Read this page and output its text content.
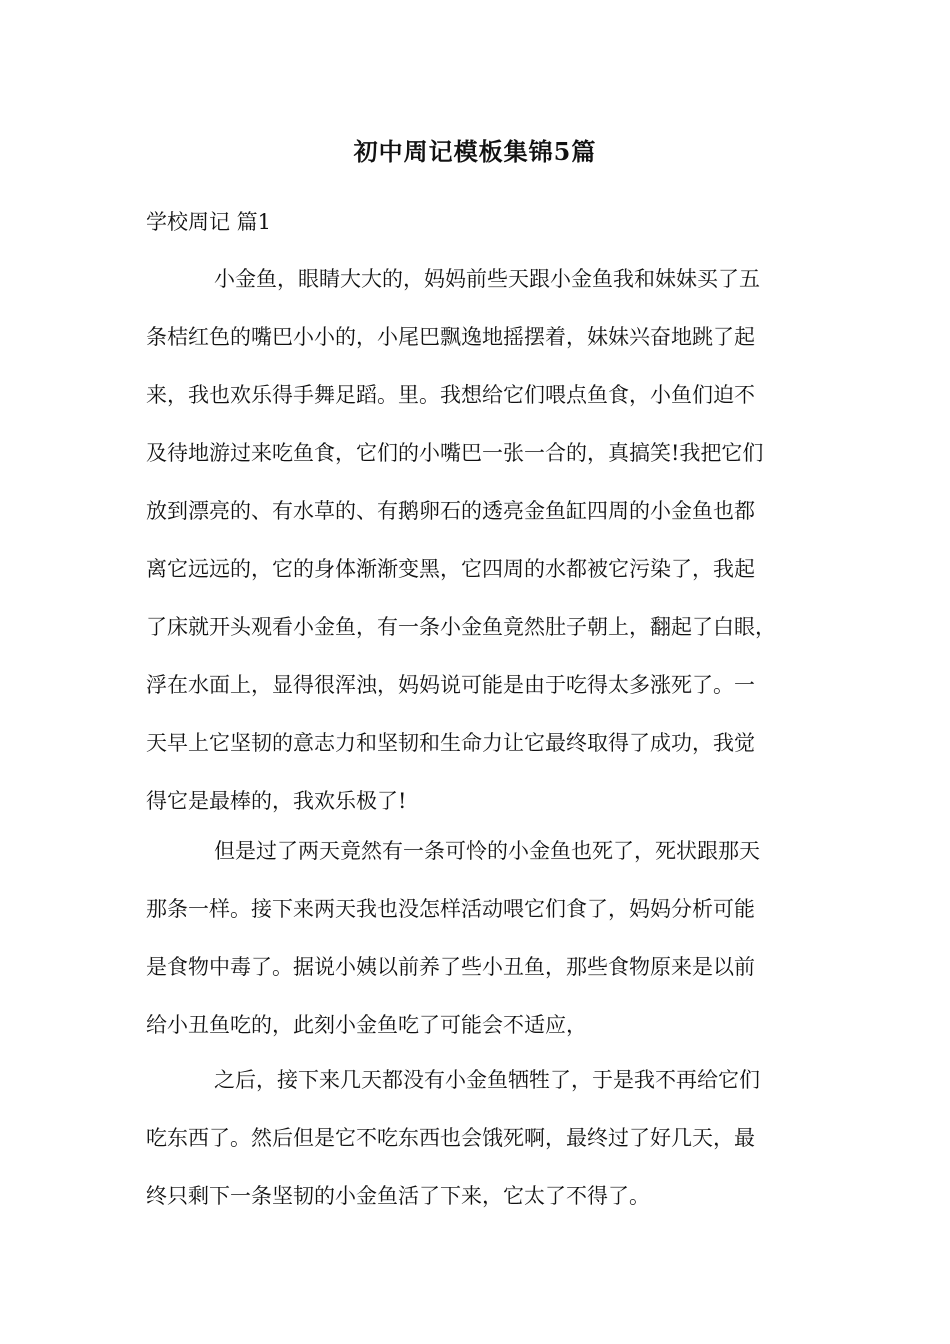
初中周记模板集锦5篇
学校周记 篇1
小金鱼，眼睛大大的，妈妈前些天跟小金鱼我和妹妹买了五
条桔红色的嘴巴小小的，小尾巴飘逸地摇摆着，妹妹兴奋地跳了起
来，我也欢乐得手舞足蹈。里。我想给它们喂点鱼食，小鱼们迫不
及待地游过来吃鱼食，它们的小嘴巴一张一合的，真搞笑!我把它们
放到漂亮的、有水草的、有鹅卵石的透亮金鱼缸四周的小金鱼也都
离它远远的，它的身体渐渐变黑，它四周的水都被它污染了，我起
了床就开头观看小金鱼，有一条小金鱼竟然肚子朝上，翻起了白眼，
浮在水面上，显得很浑浊，妈妈说可能是由于吃得太多涨死了。一
天早上它坚韧的意志力和坚韧和生命力让它最终取得了成功，我觉
得它是最棒的，我欢乐极了!
但是过了两天竟然有一条可怜的小金鱼也死了，死状跟那天
那条一样。接下来两天我也没怎样活动喂它们食了，妈妈分析可能
是食物中毒了。据说小姨以前养了些小丑鱼，那些食物原来是以前
给小丑鱼吃的，此刻小金鱼吃了可能会不适应，
之后，接下来几天都没有小金鱼牺牲了，于是我不再给它们
吃东西了。然后但是它不吃东西也会饿死啊，最终过了好几天，最
终只剩下一条坚韧的小金鱼活了下来，它太了不得了。
